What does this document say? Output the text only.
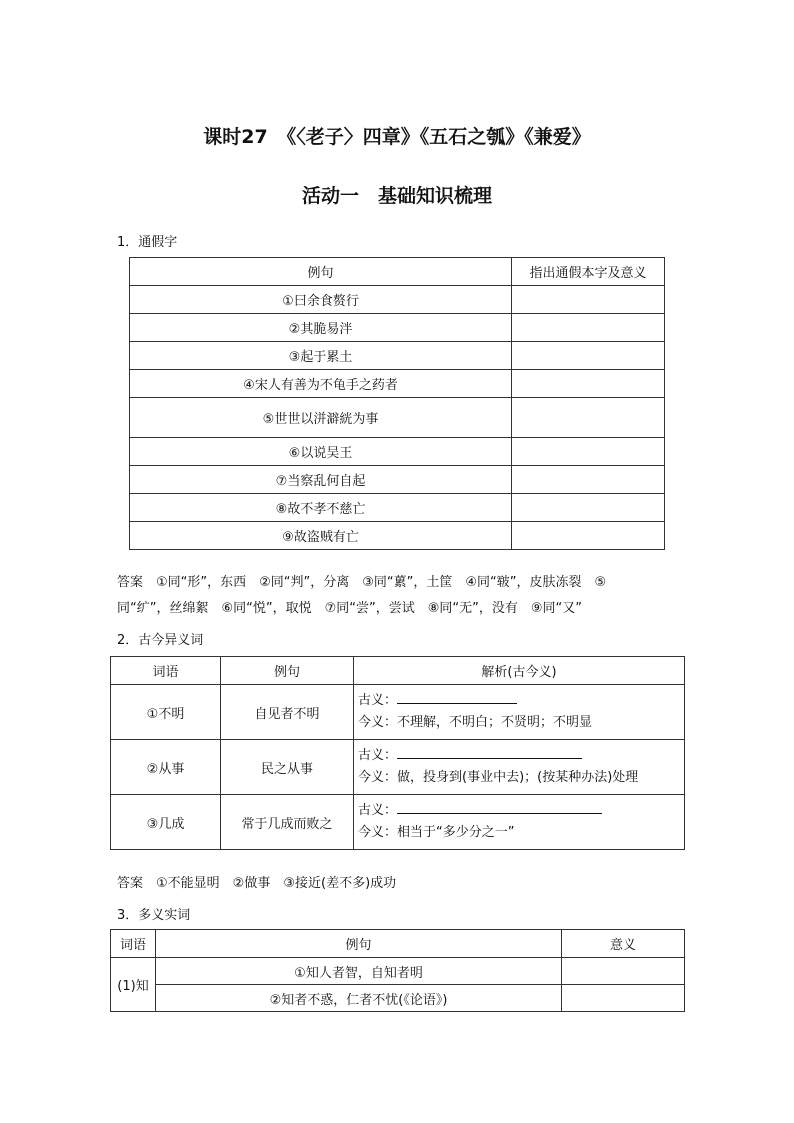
课时27　《〈老子〉四章》《五石之瓠》《兼爱》
活动一　基础知识梳理
1．通假字
例句	指出通假本字及意义
①曰余食赘行	
②其脆易泮	
③起于累土	
④宋人有善为不龟手之药者	
⑤世世以洴澼絖为事	
⑥以说吴王	
⑦当察乱何自起	
⑧故不孝不慈亡	
⑨故盗贼有亡	
答案　 ①同“形”，东西　②同“判”，分离　③同“蔂”，土筐　④同“皲”，皮肤冻裂　⑤
同“纩”，丝绵絮　⑥同“悦”，取悦　⑦同“尝”，尝试　⑧同“无”，没有　⑨同“又”
2．古今异义词
词语	例句	解析(古今义)
①不明	自见者不明	古义：
今义：不理解，不明白；不贤明；不明显

②从事	民之从事	古义：
今义：做，投身到(事业中去)；(按某种办法)处理

③几成	常于几成而败之	古义：
今义：相当于“多少分之一”
答案　 ①不能显明　②做事　③接近(差不多)成功
3．多义实词
词语	例句	意义
(1)知	①知人者智，自知者明	
	②知者不惑，仁者不忧(《论语》)	
